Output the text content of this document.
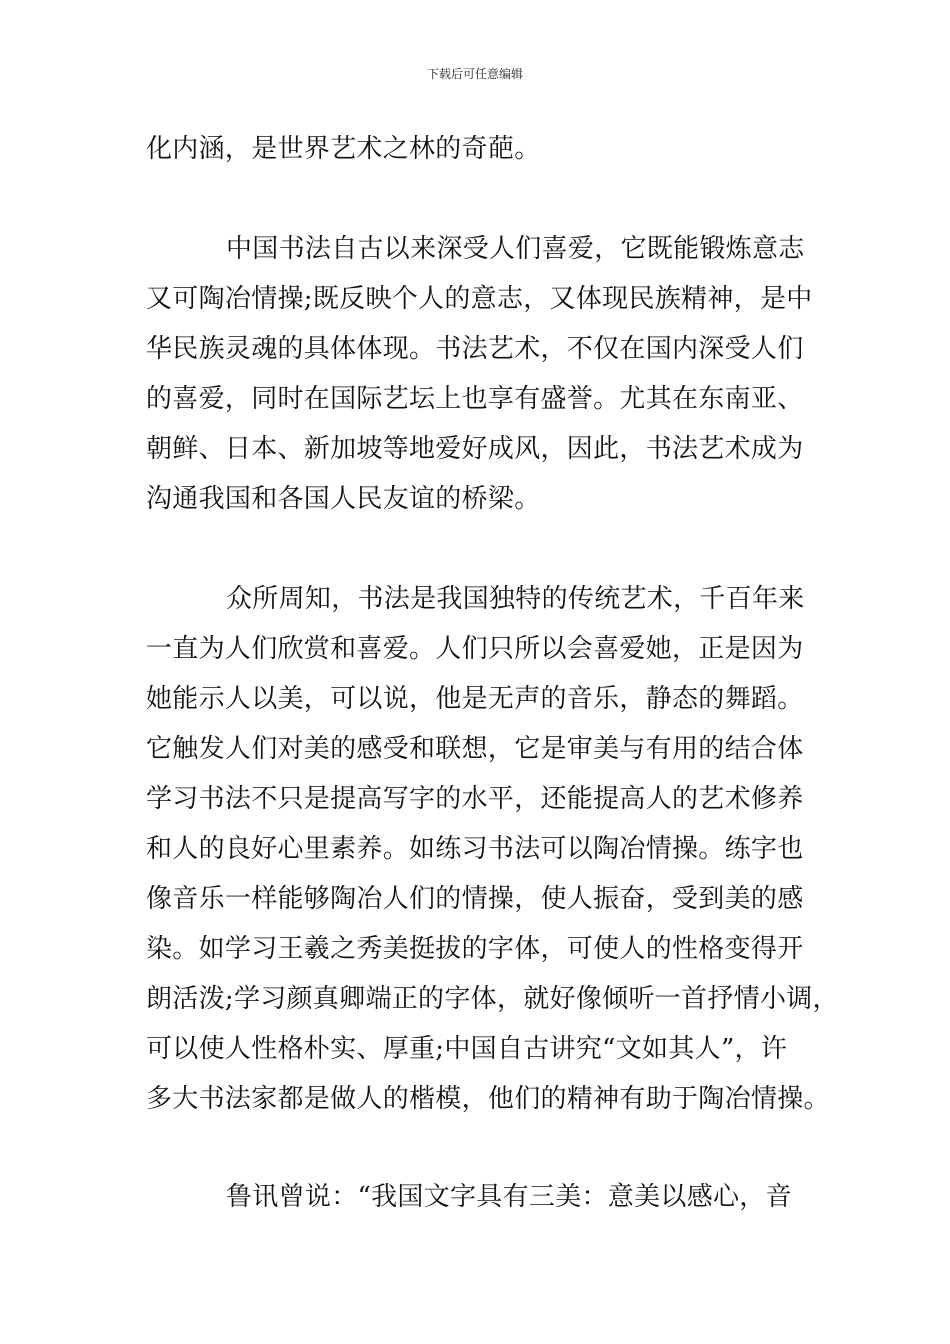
下载后可任意编辑
化内涵，是世界艺术之林的奇葩。
中国书法自古以来深受人们喜爱，它既能锻炼意志
又可陶冶情操;既反映个人的意志，又体现民族精神，是中
华民族灵魂的具体体现。书法艺术，不仅在国内深受人们
的喜爱，同时在国际艺坛上也享有盛誉。尤其在东南亚、
朝鲜、日本、新加坡等地爱好成风，因此，书法艺术成为
沟通我国和各国人民友谊的桥梁。
众所周知，书法是我国独特的传统艺术，千百年来
一直为人们欣赏和喜爱。人们只所以会喜爱她，正是因为
她能示人以美，可以说，他是无声的音乐，静态的舞蹈。
它触发人们对美的感受和联想，它是审美与有用的结合体
学习书法不只是提高写字的水平，还能提高人的艺术修养
和人的良好心里素养。如练习书法可以陶冶情操。练字也
像音乐一样能够陶冶人们的情操，使人振奋，受到美的感
染。如学习王羲之秀美挺拔的字体，可使人的性格变得开
朗活泼;学习颜真卿端正的字体，就好像倾听一首抒情小调，
可以使人性格朴实、厚重;中国自古讲究“文如其人”，许
多大书法家都是做人的楷模，他们的精神有助于陶冶情操。
鲁讯曾说：“我国文字具有三美：意美以感心，音
